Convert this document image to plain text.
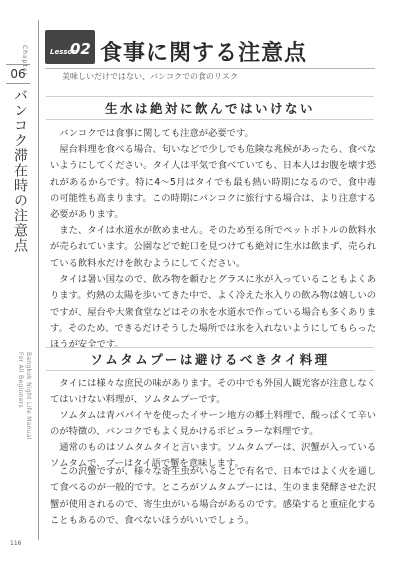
Chapter
06
バンコク滞在時の注意点
Bangkok Night Life Manual
For All Beginners
116
Lesson
02 食事に関する注意点
美味しいだけではない、バンコクでの食のリスク
生水は絶対に飲んではいけない

バンコクでは食事に関しても注意が必要です。

屋台料理を食べる場合、匂いなどで少しでも危険な兆候があったら、食べないようにしてください。タイ人は平気で食べていても、日本人はお腹を壊す恐れがあるからです。特に4～5月はタイでも最も熱い時期になるので、食中毒の可能性も高まります。この時期にバンコクに旅行する場合は、より注意する必要があります。

また、タイは水道水が飲めません。そのため至る所でペットボトルの飲料水が売られています。公園などで蛇口を見つけても絶対に生水は飲まず、売られている飲料水だけを飲むようにしてください。

タイは暑い国なので、飲み物を頼むとグラスに氷が入っていることもよくあります。灼熱の太陽を歩いてきた中で、よく冷えた氷入りの飲み物は嬉しいのですが、屋台や大衆食堂などはその氷を水道水で作っている場合も多くあります。そのため、できるだけそうした場所では氷を入れないようにしてもらったほうが安全です。

ソムタムプーは避けるべきタイ料理

タイには様々な庶民の味があります。その中でも外国人観光客が注意しなくてはいけない料理が、ソムタムプーです。

ソムタムは青パパイヤを使ったイサーン地方の郷土料理で、酸っぱくて辛いのが特徴の、バンコクでもよく見かけるポピュラーな料理です。

通常のものはソムタムタイと言います。ソムタムプーは、沢蟹が入っているソムタムで、プーはタイ語で蟹を意味します。

この沢蟹ですが、様々な寄生虫がいることで有名で、日本ではよく火を通して食べるのが一般的です。ところがソムタムプーには、生のまま発酵させた沢蟹が使用されるので、寄生虫がいる場合があるのです。感染すると重症化することもあるので、食べないほうがいいでしょう。
